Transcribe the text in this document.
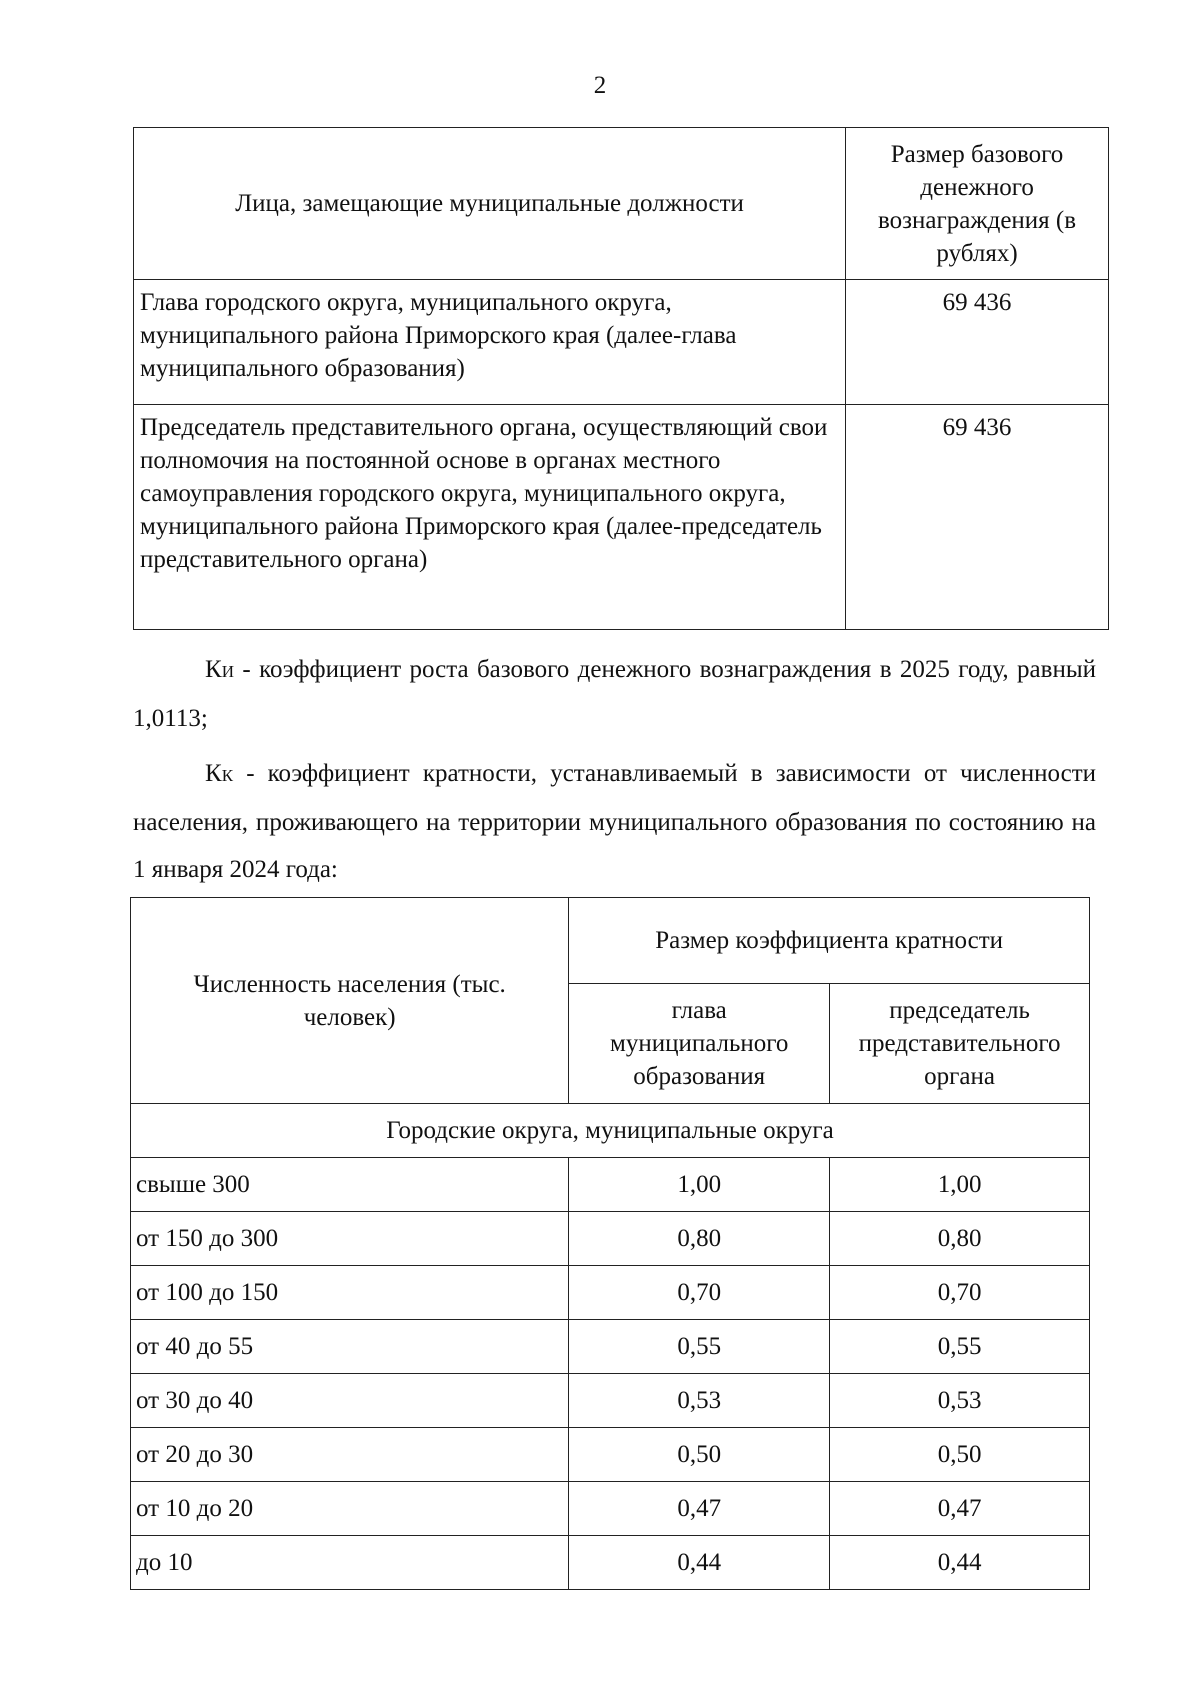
2
Лица, замещающие муниципальные должности	Размер базового денежного вознаграждения (в рублях)
Глава городского округа, муниципального округа, муниципального района Приморского края (далее-глава муниципального образования)	69 436
Председатель представительного органа, осуществляющий свои полномочия на постоянной основе в органах местного самоуправления городского округа, муниципального округа, муниципального района Приморского края (далее-председатель представительного органа)	69 436

КИ - коэффициент роста базового денежного вознаграждения в 2025 году, равный 1,0113;

КК - коэффициент кратности, устанавливаемый в зависимости от численности населения, проживающего на территории муниципального образования по состоянию на 1 января 2024 года:

Численность населения (тыс. человек)	Размер коэффициента кратности	
	глава муниципального образования	председатель представительного органа
Городские округа, муниципальные округа		
свыше 300	1,00	1,00
от 150 до 300	0,80	0,80
от 100 до 150	0,70	0,70
от 40 до 55	0,55	0,55
от 30 до 40	0,53	0,53
от 20 до 30	0,50	0,50
от 10 до 20	0,47	0,47
до 10	0,44	0,44
